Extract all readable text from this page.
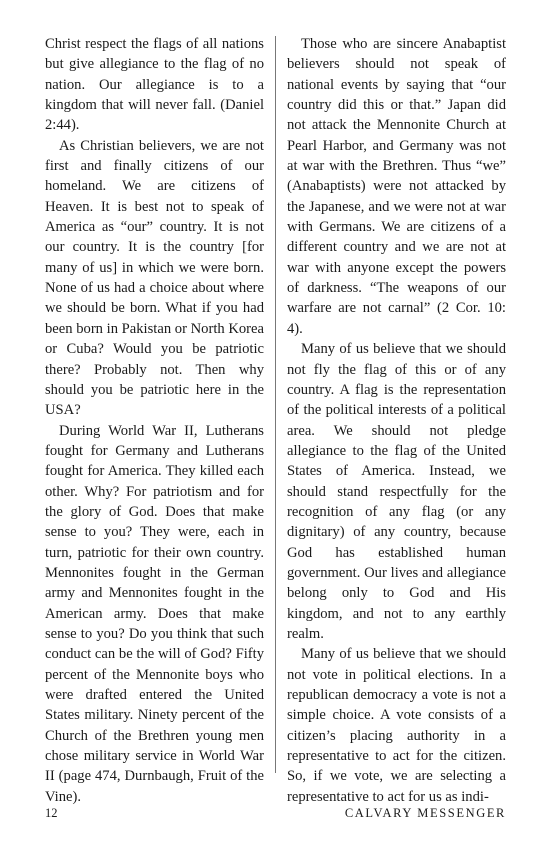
Christ respect the flags of all nations but give allegiance to the flag of no nation. Our allegiance is to a kingdom that will never fall. (Daniel 2:44).

As Christian believers, we are not first and finally citizens of our homeland. We are citizens of Heaven. It is best not to speak of America as “our” country. It is not our country. It is the country [for many of us] in which we were born. None of us had a choice about where we should be born. What if you had been born in Pakistan or North Korea or Cuba? Would you be patriotic there? Probably not. Then why should you be patriotic here in the USA?

During World War II, Lutherans fought for Germany and Lutherans fought for America. They killed each other. Why? For patriotism and for the glory of God. Does that make sense to you? They were, each in turn, patriotic for their own country. Mennonites fought in the German army and Mennonites fought in the American army. Does that make sense to you? Do you think that such conduct can be the will of God? Fifty percent of the Mennonite boys who were drafted entered the United States military. Ninety percent of the Church of the Brethren young men chose military service in World War II (page 474, Durnbaugh, Fruit of the Vine).

Those who are sincere Anabaptist believers should not speak of national events by saying that “our country did this or that.” Japan did not attack the Mennonite Church at Pearl Harbor, and Germany was not at war with the Brethren. Thus “we” (Anabaptists) were not attacked by the Japanese, and we were not at war with Germans. We are citizens of a different country and we are not at war with anyone except the powers of darkness. “The weapons of our warfare are not carnal” (2 Cor. 10: 4).

Many of us believe that we should not fly the flag of this or of any country. A flag is the representation of the political interests of a political area. We should not pledge allegiance to the flag of the United States of America. Instead, we should stand respectfully for the recognition of any flag (or any dignitary) of any country, because God has established human government. Our lives and allegiance belong only to God and His kingdom, and not to any earthly realm.

Many of us believe that we should not vote in political elections. In a republican democracy a vote is not a simple choice. A vote consists of a citizen’s placing authority in a representative to act for the citizen. So, if we vote, we are selecting a representative to act for us as indi-

12	CALVARY MESSENGER
